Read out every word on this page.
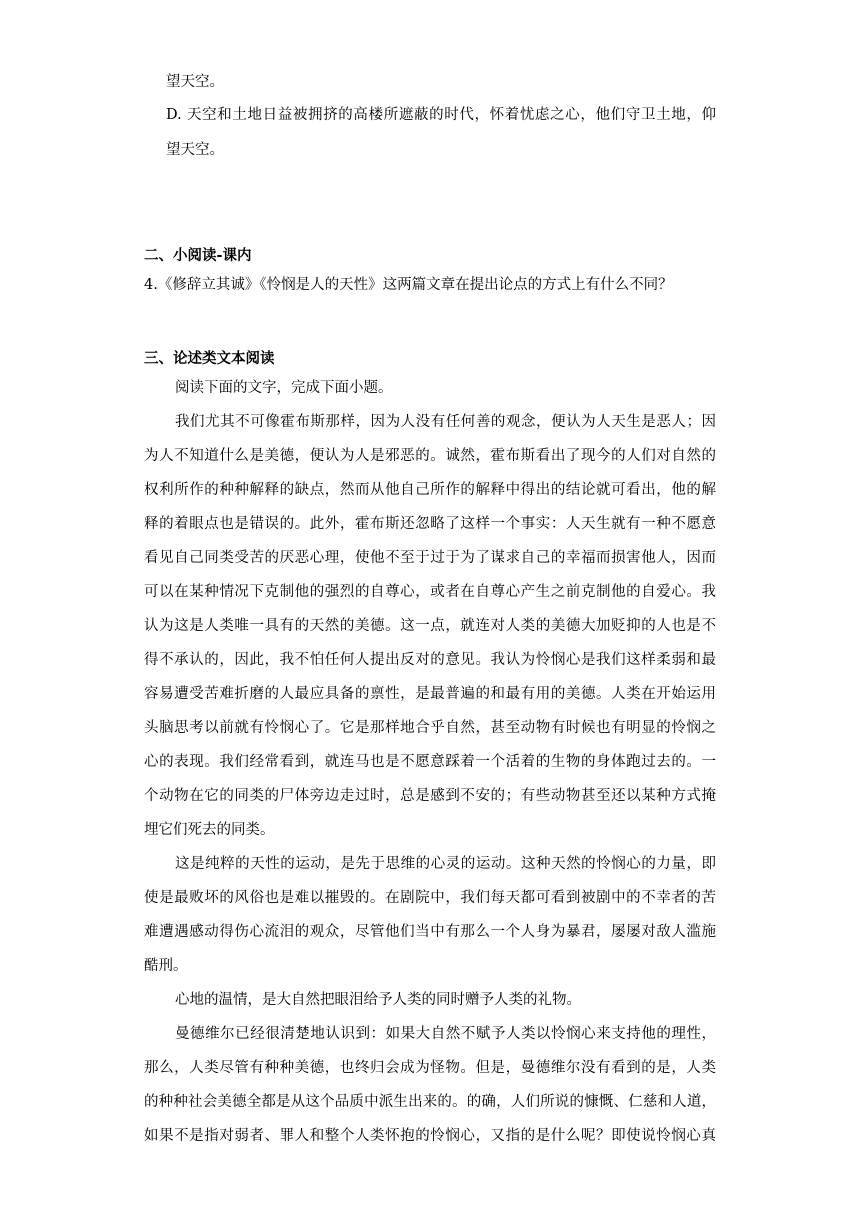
望天空。

D. 天空和土地日益被拥挤的高楼所遮蔽的时代，怀着忧虑之心，他们守卫土地，仰

望天空。

二、小阅读-课内

4.《修辞立其诚》《怜悯是人的天性》这两篇文章在提出论点的方式上有什么不同？

三、论述类文本阅读

阅读下面的文字，完成下面小题。

我们尤其不可像霍布斯那样，因为人没有任何善的观念，便认为人天生是恶人；因

为人不知道什么是美德，便认为人是邪恶的。诚然，霍布斯看出了现今的人们对自然的

权利所作的种种解释的缺点，然而从他自己所作的解释中得出的结论就可看出，他的解

释的着眼点也是错误的。此外，霍布斯还忽略了这样一个事实：人天生就有一种不愿意

看见自己同类受苦的厌恶心理，使他不至于过于为了谋求自己的幸福而损害他人，因而

可以在某种情况下克制他的强烈的自尊心，或者在自尊心产生之前克制他的自爱心。我

认为这是人类唯一具有的天然的美德。这一点，就连对人类的美德大加贬抑的人也是不

得不承认的，因此，我不怕任何人提出反对的意见。我认为怜悯心是我们这样柔弱和最

容易遭受苦难折磨的人最应具备的禀性，是最普遍的和最有用的美德。人类在开始运用

头脑思考以前就有怜悯心了。它是那样地合乎自然，甚至动物有时候也有明显的怜悯之

心的表现。我们经常看到，就连马也是不愿意踩着一个活着的生物的身体跑过去的。一

个动物在它的同类的尸体旁边走过时，总是感到不安的；有些动物甚至还以某种方式掩

埋它们死去的同类。

这是纯粹的天性的运动，是先于思维的心灵的运动。这种天然的怜悯心的力量，即

使是最败坏的风俗也是难以摧毁的。在剧院中，我们每天都可看到被剧中的不幸者的苦

难遭遇感动得伤心流泪的观众，尽管他们当中有那么一个人身为暴君，屡屡对敌人滥施

酷刑。

心地的温情，是大自然把眼泪给予人类的同时赠予人类的礼物。

曼德维尔已经很清楚地认识到：如果大自然不赋予人类以怜悯心来支持他的理性，

那么，人类尽管有种种美德，也终归会成为怪物。但是，曼德维尔没有看到的是，人类

的种种社会美德全都是从这个品质中派生出来的。的确，人们所说的慷慨、仁慈和人道，

如果不是指对弱者、罪人和整个人类怀抱的怜悯心，又指的是什么呢？即使说怜悯心真
